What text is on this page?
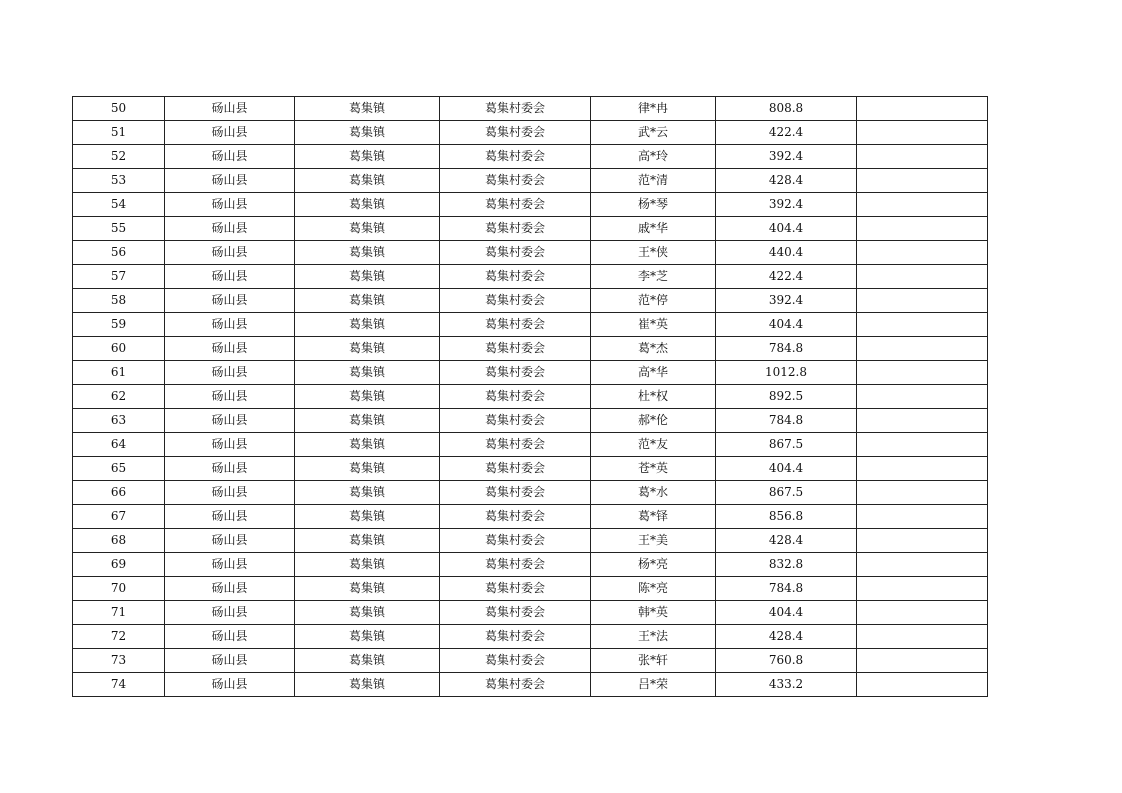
50	砀山县	葛集镇	葛集村委会	律*冉	808.8	
51	砀山县	葛集镇	葛集村委会	武*云	422.4	
52	砀山县	葛集镇	葛集村委会	高*玲	392.4	
53	砀山县	葛集镇	葛集村委会	范*清	428.4	
54	砀山县	葛集镇	葛集村委会	杨*琴	392.4	
55	砀山县	葛集镇	葛集村委会	戚*华	404.4	
56	砀山县	葛集镇	葛集村委会	王*侠	440.4	
57	砀山县	葛集镇	葛集村委会	李*芝	422.4	
58	砀山县	葛集镇	葛集村委会	范*停	392.4	
59	砀山县	葛集镇	葛集村委会	崔*英	404.4	
60	砀山县	葛集镇	葛集村委会	葛*杰	784.8	
61	砀山县	葛集镇	葛集村委会	高*华	1012.8	
62	砀山县	葛集镇	葛集村委会	杜*权	892.5	
63	砀山县	葛集镇	葛集村委会	郝*伦	784.8	
64	砀山县	葛集镇	葛集村委会	范*友	867.5	
65	砀山县	葛集镇	葛集村委会	苍*英	404.4	
66	砀山县	葛集镇	葛集村委会	葛*水	867.5	
67	砀山县	葛集镇	葛集村委会	葛*铎	856.8	
68	砀山县	葛集镇	葛集村委会	王*美	428.4	
69	砀山县	葛集镇	葛集村委会	杨*亮	832.8	
70	砀山县	葛集镇	葛集村委会	陈*亮	784.8	
71	砀山县	葛集镇	葛集村委会	韩*英	404.4	
72	砀山县	葛集镇	葛集村委会	王*法	428.4	
73	砀山县	葛集镇	葛集村委会	张*轩	760.8	
74	砀山县	葛集镇	葛集村委会	吕*荣	433.2	
